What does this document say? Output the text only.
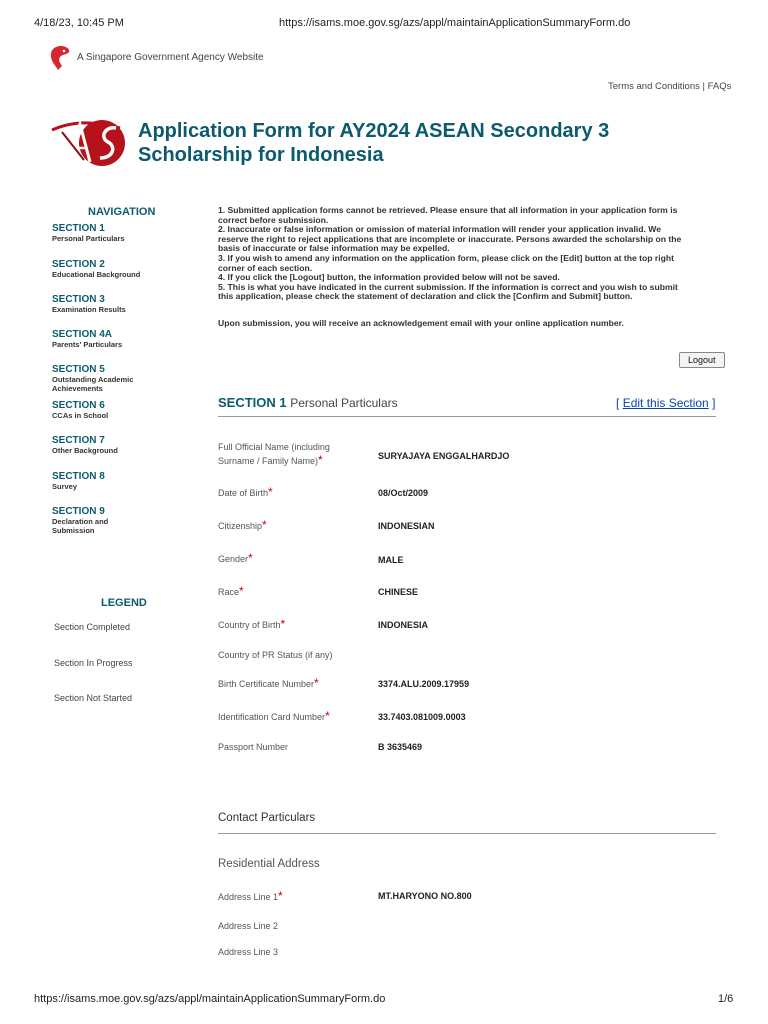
4/18/23, 10:45 PM	https://isams.moe.gov.sg/azs/appl/maintainApplicationSummaryForm.do
A Singapore Government Agency Website
Terms and Conditions | FAQs
Application Form for AY2024 ASEAN Secondary 3
Scholarship for Indonesia
NAVIGATION
SECTION 1
Personal Particulars
SECTION 2
Educational Background
SECTION 3
Examination Results
SECTION 4A
Parents' Particulars
SECTION 5
Outstanding Academic
Achievements
SECTION 6
CCAs in School
SECTION 7
Other Background
SECTION 8
Survey
SECTION 9
Declaration and
Submission
LEGEND
Section Completed
Section In Progress
Section Not Started
1. Submitted application forms cannot be retrieved. Please ensure that all information in your application form is
correct before submission.
2. Inaccurate or false information or omission of material information will render your application invalid. We
reserve the right to reject applications that are incomplete or inaccurate. Persons awarded the scholarship on the
basis of inaccurate or false information may be expelled.
3. If you wish to amend any information on the application form, please click on the [Edit] button at the top right
corner of each section.
4. If you click the [Logout] button, the information provided below will not be saved.
5. This is what you have indicated in the current submission. If the information is correct and you wish to submit
this application, please check the statement of declaration and click the [Confirm and Submit] button.
Upon submission, you will receive an acknowledgement email with your online application number.
Logout
SECTION 1 Personal Particulars	[ Edit this Section ]
Full Official Name (including
Surname / Family Name)*	SURYAJAYA ENGGALHARDJO
Date of Birth*	08/Oct/2009
Citizenship*	INDONESIAN
Gender*	MALE
Race*	CHINESE
Country of Birth*	INDONESIA
Country of PR Status (if any)
Birth Certificate Number*	3374.ALU.2009.17959
Identification Card Number*	33.7403.081009.0003
Passport Number	B 3635469
Contact Particulars
Residential Address
Address Line 1*	MT.HARYONO NO.800
Address Line 2
Address Line 3
https://isams.moe.gov.sg/azs/appl/maintainApplicationSummaryForm.do	1/6
